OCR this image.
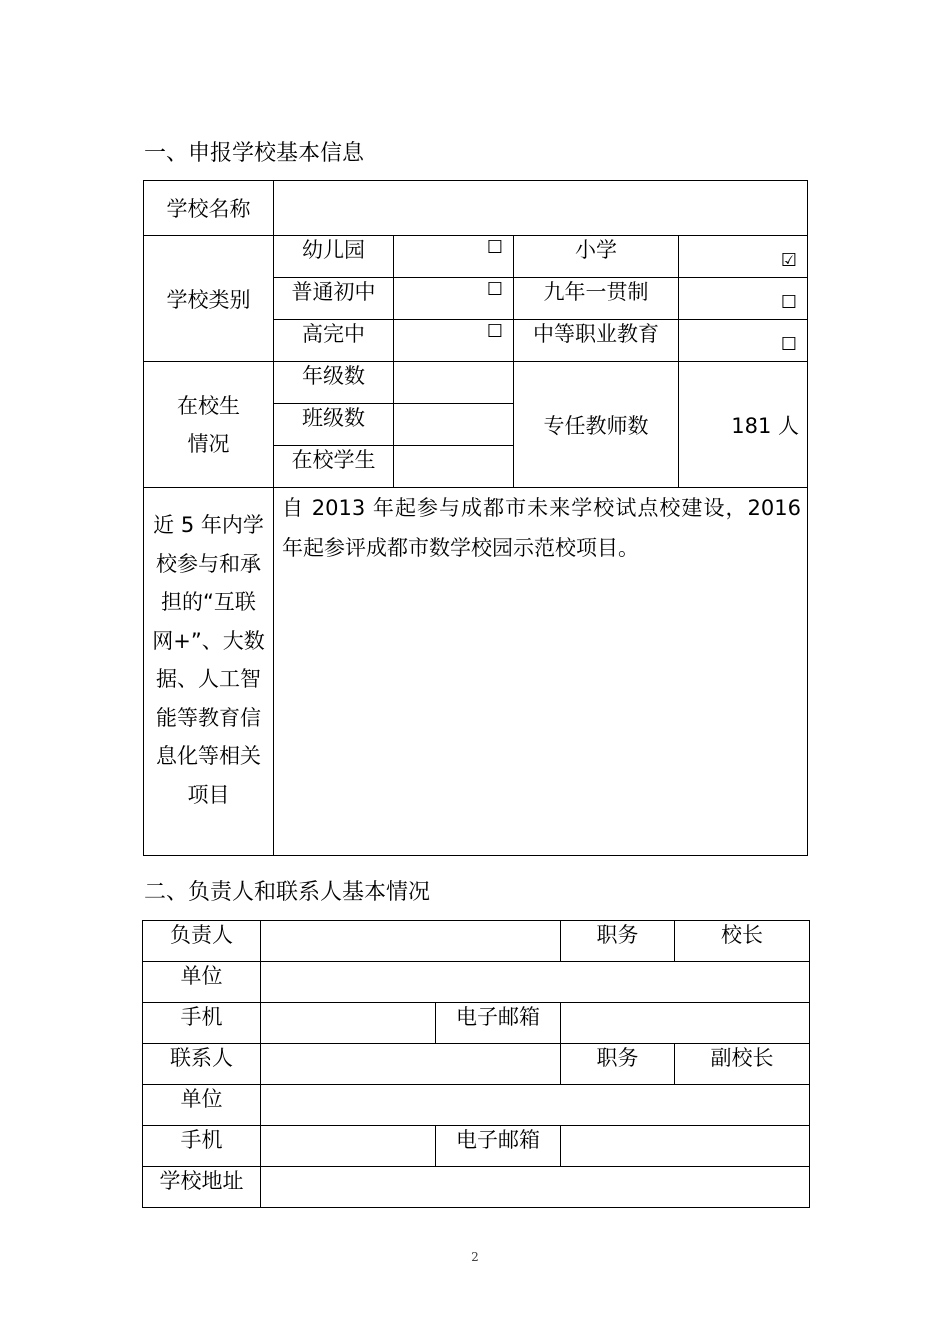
一、申报学校基本信息
学校名称				
学校类别	幼儿园	☐	小学	☑

	普通初中	☐	九年一贯制	☐

	高完中	☐	中等职业教育	☐

在校生情况	年级数		专任教师数	181 人

	班级数			

	在校学生			

近 5 年内学校参与和承担的“互联网+”、大数据、人工智能等教育信息化等相关项目	自 2013 年起参与成都市未来学校试点校建设，2016年起参评成都市数学校园示范校项目。			
二、负责人和联系人基本情况
负责人			职务	校长

单位				

手机		电子邮箱		

联系人			职务	副校长

单位				

手机		电子邮箱		

学校地址				

2
